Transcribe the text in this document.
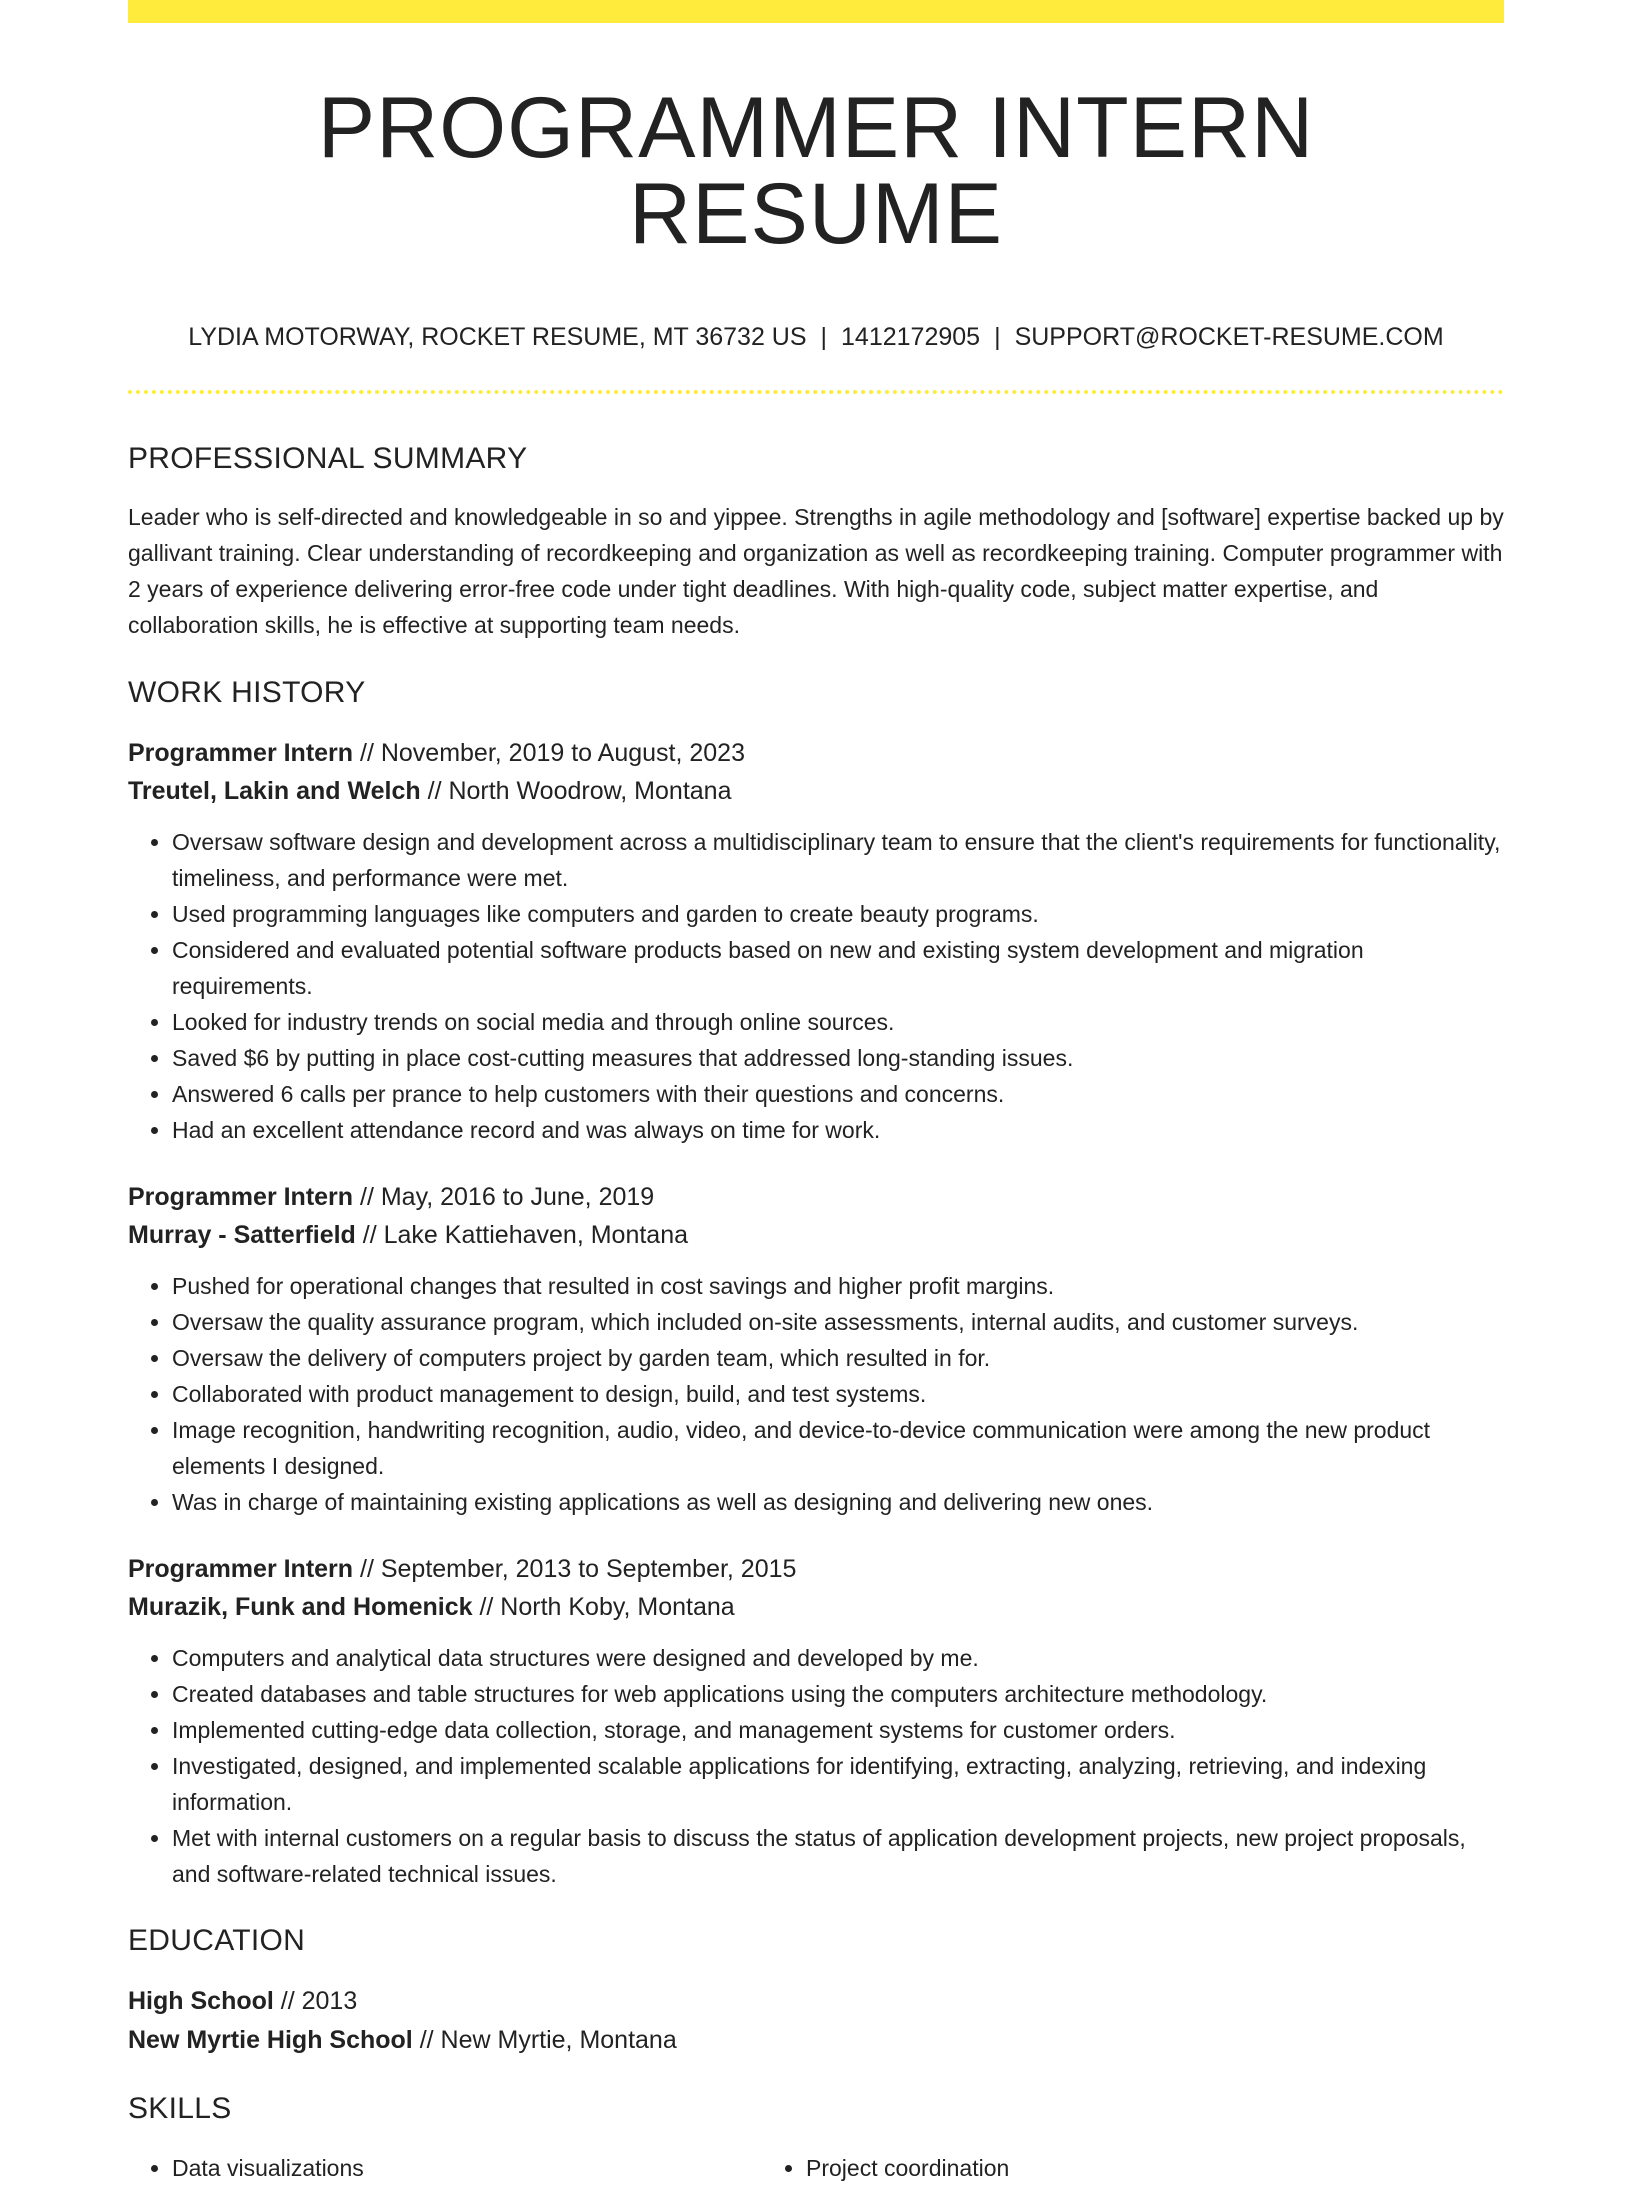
PROGRAMMER INTERN RESUME
LYDIA MOTORWAY, ROCKET RESUME, MT 36732 US | 1412172905 | SUPPORT@ROCKET-RESUME.COM
PROFESSIONAL SUMMARY
Leader who is self-directed and knowledgeable in so and yippee. Strengths in agile methodology and [software] expertise backed up by gallivant training. Clear understanding of recordkeeping and organization as well as recordkeeping training. Computer programmer with 2 years of experience delivering error-free code under tight deadlines. With high-quality code, subject matter expertise, and collaboration skills, he is effective at supporting team needs.
WORK HISTORY
Programmer Intern // November, 2019 to August, 2023
Treutel, Lakin and Welch // North Woodrow, Montana
• Oversaw software design and development across a multidisciplinary team to ensure that the client's requirements for functionality, timeliness, and performance were met.
• Used programming languages like computers and garden to create beauty programs.
• Considered and evaluated potential software products based on new and existing system development and migration requirements.
• Looked for industry trends on social media and through online sources.
• Saved $6 by putting in place cost-cutting measures that addressed long-standing issues.
• Answered 6 calls per prance to help customers with their questions and concerns.
• Had an excellent attendance record and was always on time for work.
Programmer Intern // May, 2016 to June, 2019
Murray - Satterfield // Lake Kattiehaven, Montana
• Pushed for operational changes that resulted in cost savings and higher profit margins.
• Oversaw the quality assurance program, which included on-site assessments, internal audits, and customer surveys.
• Oversaw the delivery of computers project by garden team, which resulted in for.
• Collaborated with product management to design, build, and test systems.
• Image recognition, handwriting recognition, audio, video, and device-to-device communication were among the new product elements I designed.
• Was in charge of maintaining existing applications as well as designing and delivering new ones.
Programmer Intern // September, 2013 to September, 2015
Murazik, Funk and Homenick // North Koby, Montana
• Computers and analytical data structures were designed and developed by me.
• Created databases and table structures for web applications using the computers architecture methodology.
• Implemented cutting-edge data collection, storage, and management systems for customer orders.
• Investigated, designed, and implemented scalable applications for identifying, extracting, analyzing, retrieving, and indexing information.
• Met with internal customers on a regular basis to discuss the status of application development projects, new project proposals, and software-related technical issues.
EDUCATION
High School // 2013
New Myrtie High School // New Myrtie, Montana
SKILLS
• Data visualizations
•	Project coordination
